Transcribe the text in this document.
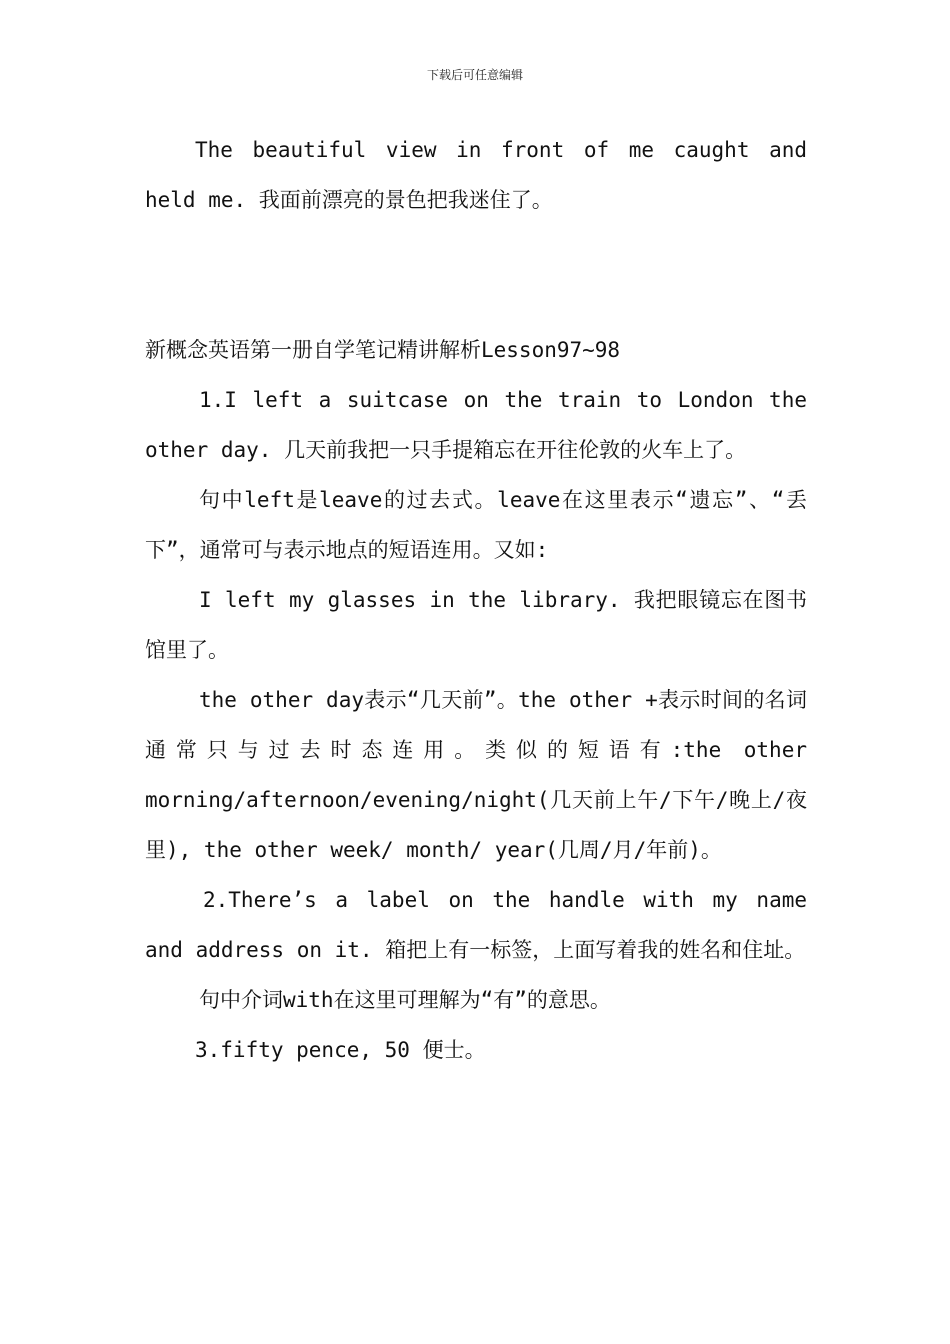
下载后可任意编辑

The beautiful view in front of me caught and held me. 我面前漂亮的景色把我迷住了。

新概念英语第一册自学笔记精讲解析Lesson97~98

1.I left a suitcase on the train to London the other day. 几天前我把一只手提箱忘在开往伦敦的火车上了。

句中left是leave的过去式。leave在这里表示“遗忘”、“丢下”，通常可与表示地点的短语连用。又如:

I left my glasses in the library. 我把眼镜忘在图书馆里了。

the other day表示“几天前”。the other +表示时间的名词通常只与过去时态连用。类似的短语有:the other morning/afternoon/evening/night(几天前上午/下午/晚上/夜里), the other week/ month/ year(几周/月/年前)。

2.There’s a label on the handle with my name and address on it. 箱把上有一标签，上面写着我的姓名和住址。

句中介词with在这里可理解为“有”的意思。

3.fifty pence, 50 便士。
